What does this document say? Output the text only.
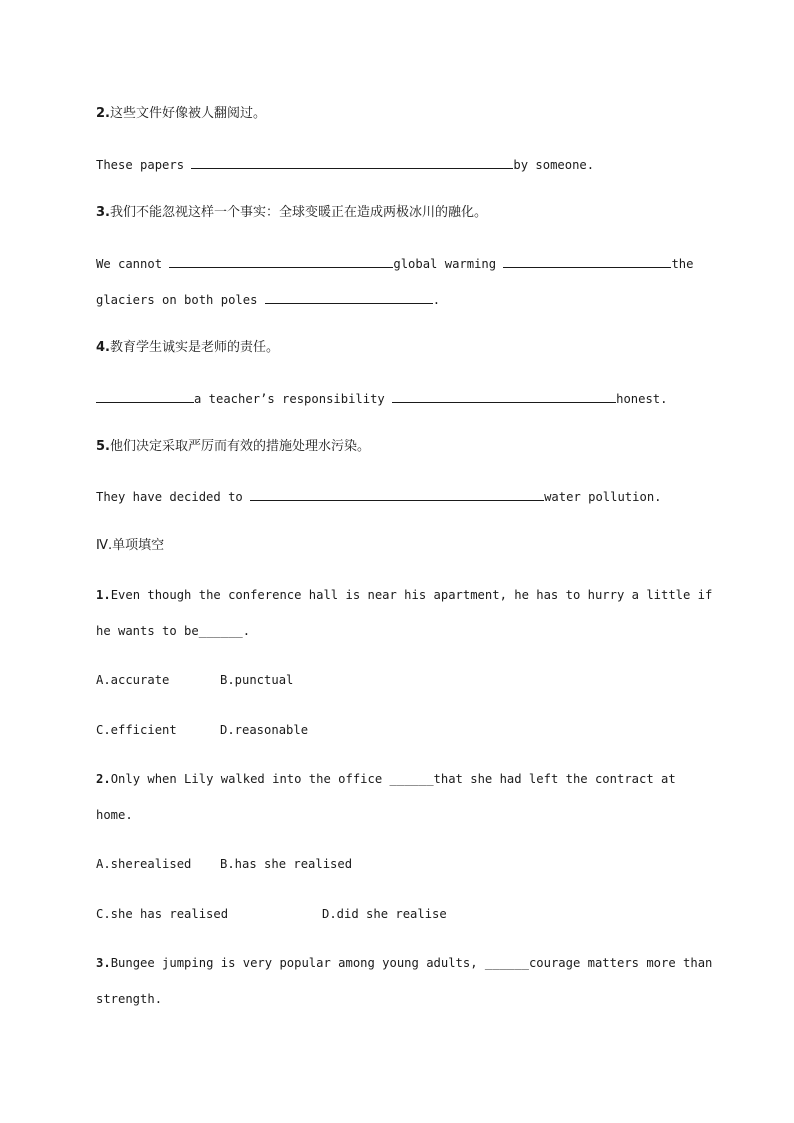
2.这些文件好像被人翻阅过。
These papers	by someone.
3.我们不能忽视这样一个事实：全球变暖正在造成两极冰川的融化。
We cannot	global warming	the
glaciers on both poles	.
4.教育学生诚实是老师的责任。
a teacher’s responsibility	honest.
5.他们决定采取严厉而有效的措施处理水污染。
They have decided to	water pollution.
Ⅳ.单项填空
1.Even though the conference hall is near his apartment, he has to hurry a little if
he wants to be______.
A.accurate	B.punctual
C.efficient	D.reasonable
2.Only when Lily walked into the office ______that she had left the contract at
home.
A.sherealised B.has she realised
C.she has realised	D.did she realise
3.Bungee jumping is very popular among young adults, ______courage matters more than
strength.
